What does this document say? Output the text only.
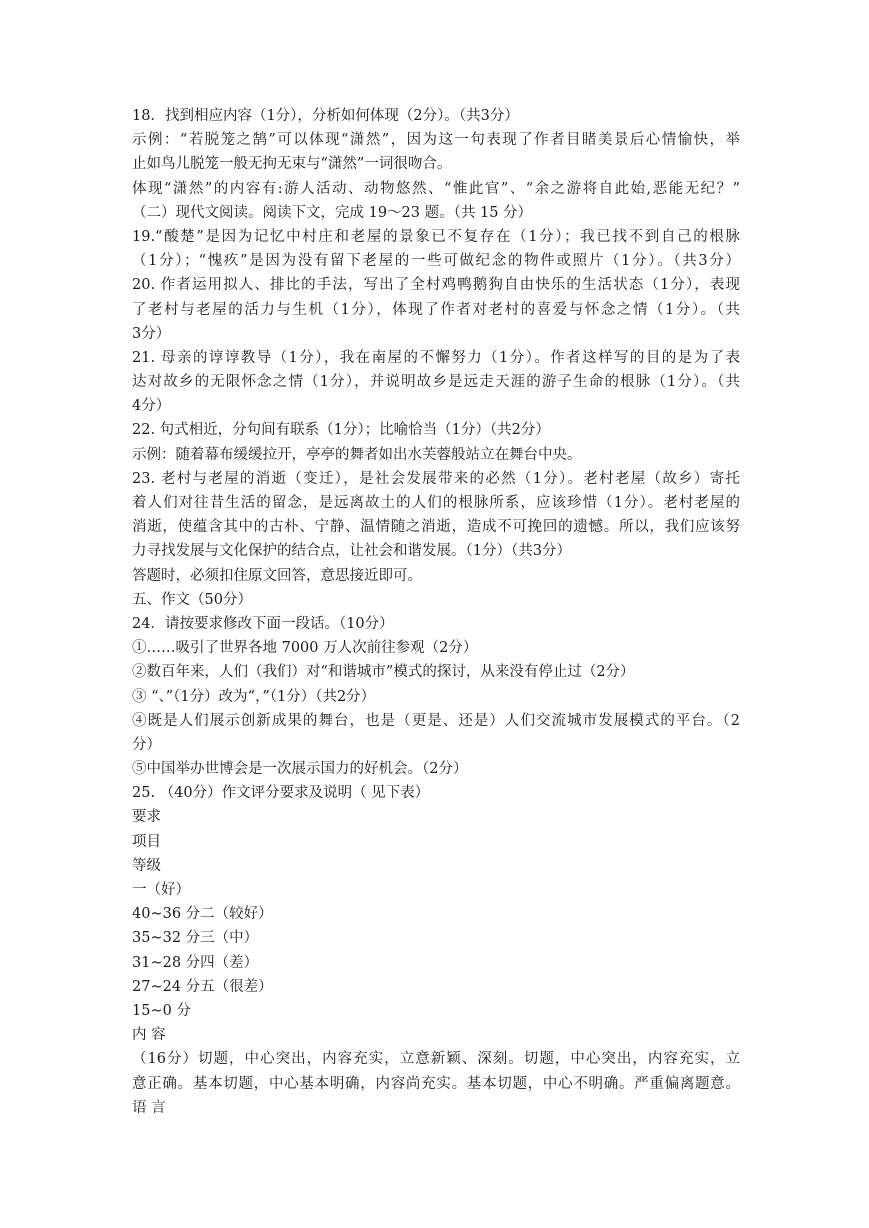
18．找到相应内容（1分），分析如何体现（2分）。（共3分）
示例：“若脱笼之鹄”可以体现“潇然”，因为这一句表现了作者目睹美景后心情愉快，举
止如鸟儿脱笼一般无拘无束与“潇然”一词很吻合。
体现“潇然”的内容有:游人活动、动物悠然、“惟此官”、“余之游将自此始,恶能无纪？”
（二）现代文阅读。阅读下文，完成 19～23 题。（共 15 分）
19.“酸楚”是因为记忆中村庄和老屋的景象已不复存在（1分）；我已找不到自己的根脉
（1分）；“愧疚”是因为没有留下老屋的一些可做纪念的物件或照片（1分）。（共3分）
20. 作者运用拟人、排比的手法，写出了全村鸡鸭鹅狗自由快乐的生活状态（1分），表现
了老村与老屋的活力与生机（1分），体现了作者对老村的喜爱与怀念之情（1分）。（共
3分）
21. 母亲的谆谆教导（1分），我在南屋的不懈努力（1分）。作者这样写的目的是为了表
达对故乡的无限怀念之情（1分），并说明故乡是远走天涯的游子生命的根脉（1分）。（共
4分）
22. 句式相近，分句间有联系（1分）；比喻恰当（1分）（共2分）
示例：随着幕布缓缓拉开，亭亭的舞者如出水芙蓉般站立在舞台中央。
23. 老村与老屋的消逝（变迁），是社会发展带来的必然（1分）。老村老屋（故乡）寄托
着人们对往昔生活的留念，是远离故土的人们的根脉所系，应该珍惜（1分）。老村老屋的
消逝，使蕴含其中的古朴、宁静、温情随之消逝，造成不可挽回的遗憾。所以，我们应该努
力寻找发展与文化保护的结合点，让社会和谐发展。（1分）（共3分）
答题时，必须扣住原文回答，意思接近即可。
五、作文（50分）
24．请按要求修改下面一段话。（10分）
①……吸引了世界各地 7000 万人次前往参观（2分）
②数百年来，人们（我们）对“和谐城市”模式的探讨，从来没有停止过（2分）
③ “、”（1分）改为“，”（1分）（共2分）
④既是人们展示创新成果的舞台，也是（更是、还是）人们交流城市发展模式的平台。（2
分）
⑤中国举办世博会是一次展示国力的好机会。（2分）
25. （40分）作文评分要求及说明（ 见下表）
要求
项目
等级
一（好）
40~36 分二（较好）
35~32 分三（中）
31~28 分四（差）
27~24 分五（很差）
15~0 分
内 容
（16分）切题，中心突出，内容充实，立意新颖、深刻。切题，中心突出，内容充实，立
意正确。基本切题，中心基本明确，内容尚充实。基本切题，中心不明确。严重偏离题意。
语 言
